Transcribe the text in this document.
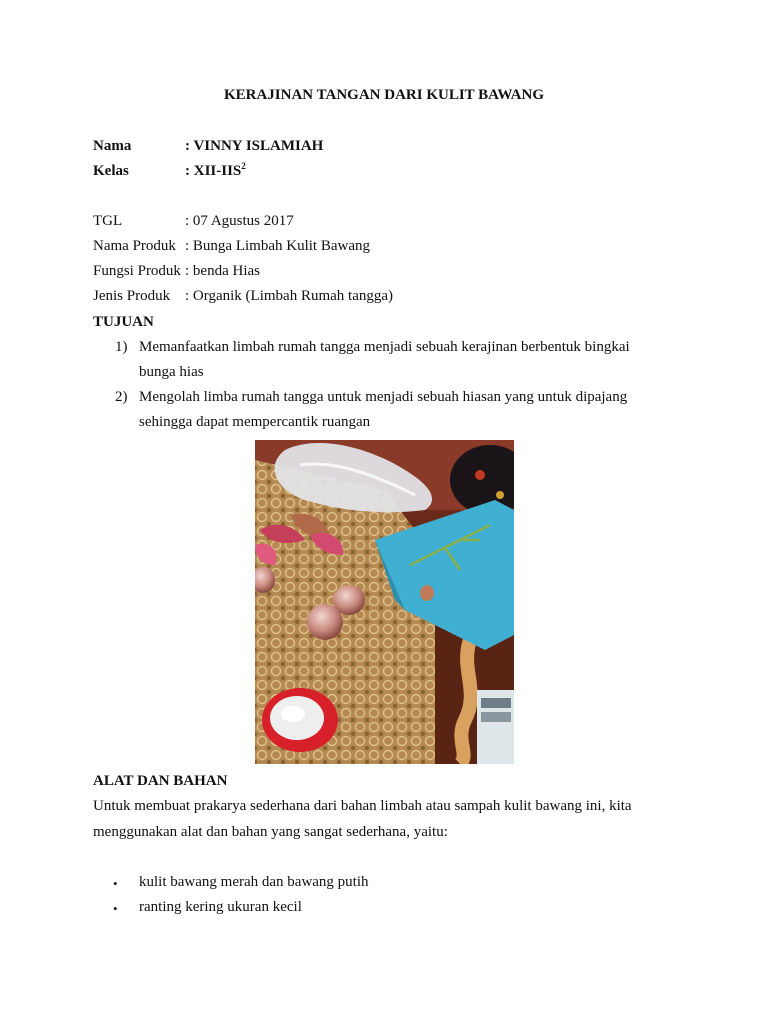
KERAJINAN TANGAN DARI KULIT BAWANG
Nama	: VINNY ISLAMIAH
Kelas	: XII-IIS$^2$
TGL	: 07 Agustus 2017
Nama Produk : Bunga Limbah Kulit Bawang
Fungsi Produk : benda Hias
Jenis Produk : Organik (Limbah Rumah tangga)
TUJUAN
1) Memanfaatkan limbah rumah tangga menjadi sebuah kerajinan berbentuk bingkai
bunga hias
2) Mengolah limba rumah tangga untuk menjadi sebuah hiasan yang untuk dipajang
sehingga dapat mempercantik ruangan
ALAT DAN BAHAN
Untuk membuat prakarya sederhana dari bahan limbah atau sampah kulit bawang ini, kita
menggunakan alat dan bahan yang sangat sederhana, yaitu:
• kulit bawang merah dan bawang putih
• ranting kering ukuran kecil
